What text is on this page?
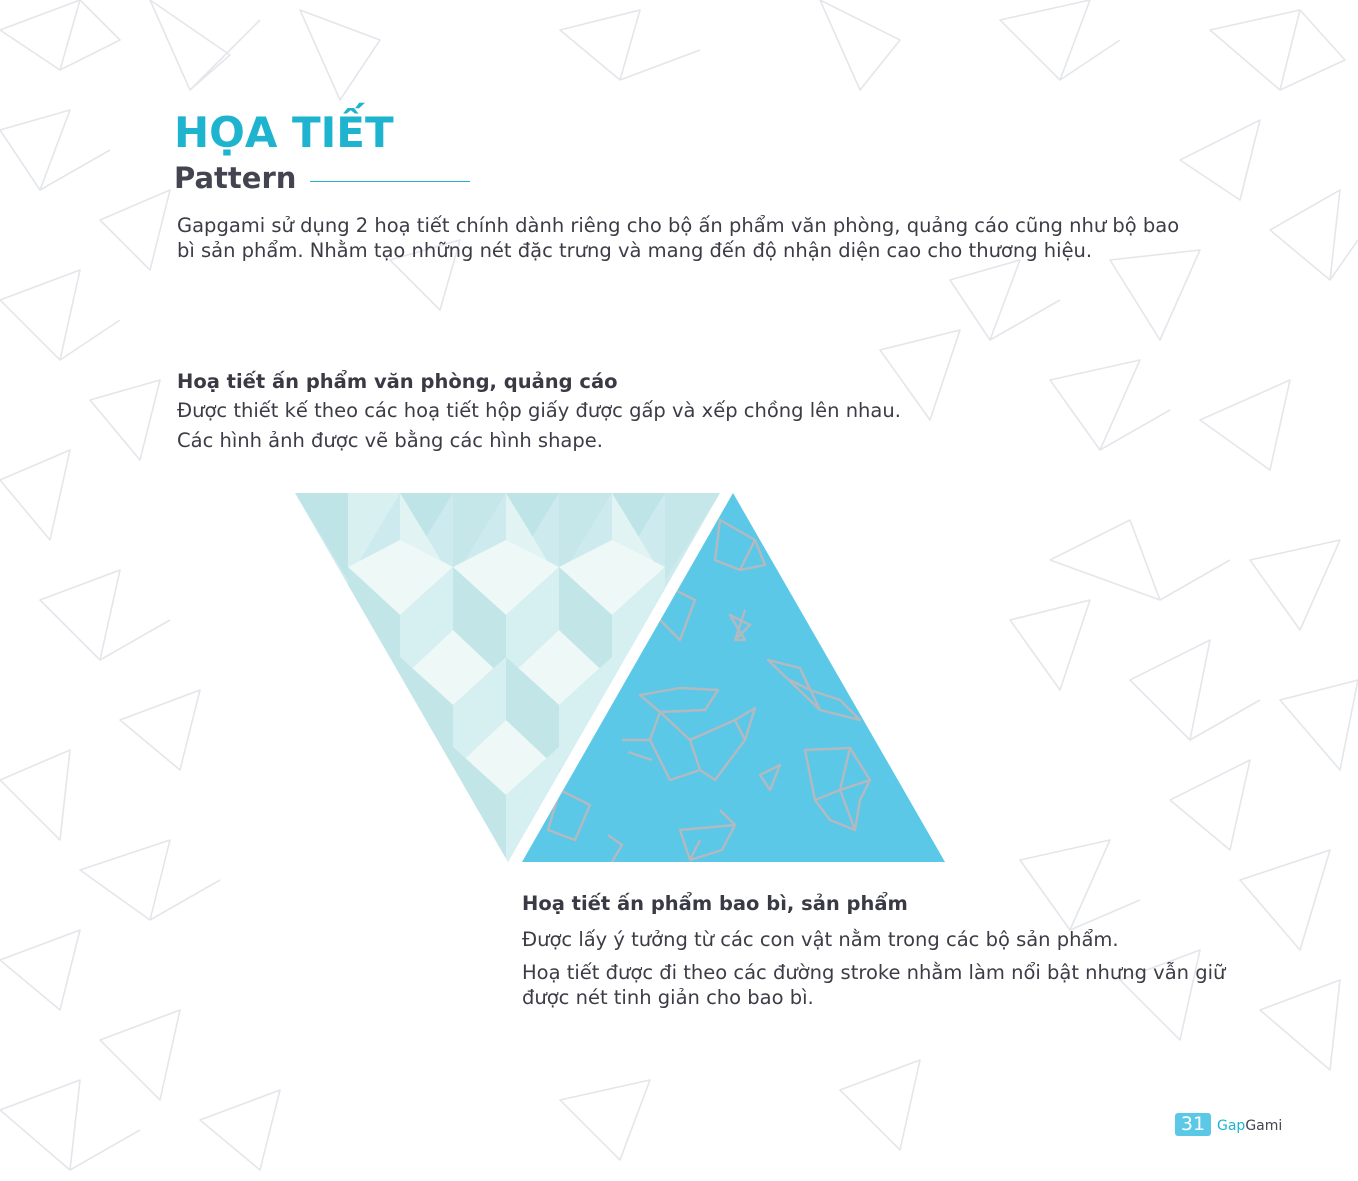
HỌA TIẾT
Pattern

Gapgami sử dụng 2 hoạ tiết chính dành riêng cho bộ ấn phẩm văn phòng, quảng cáo cũng như bộ bao bì sản phẩm. Nhằm tạo những nét đặc trưng và mang đến độ nhận diện cao cho thương hiệu.

Hoạ tiết ấn phẩm văn phòng, quảng cáo

Được thiết kế theo các hoạ tiết hộp giấy được gấp và xếp chồng lên nhau.

Các hình ảnh được vẽ bằng các hình shape.

Hoạ tiết ấn phẩm bao bì, sản phẩm

Được lấy ý tưởng từ các con vật nằm trong các bộ sản phẩm.

Hoạ tiết được đi theo các đường stroke nhằm làm nổi bật nhưng vẫn giữ được nét tinh giản cho bao bì.

31 GapGami
